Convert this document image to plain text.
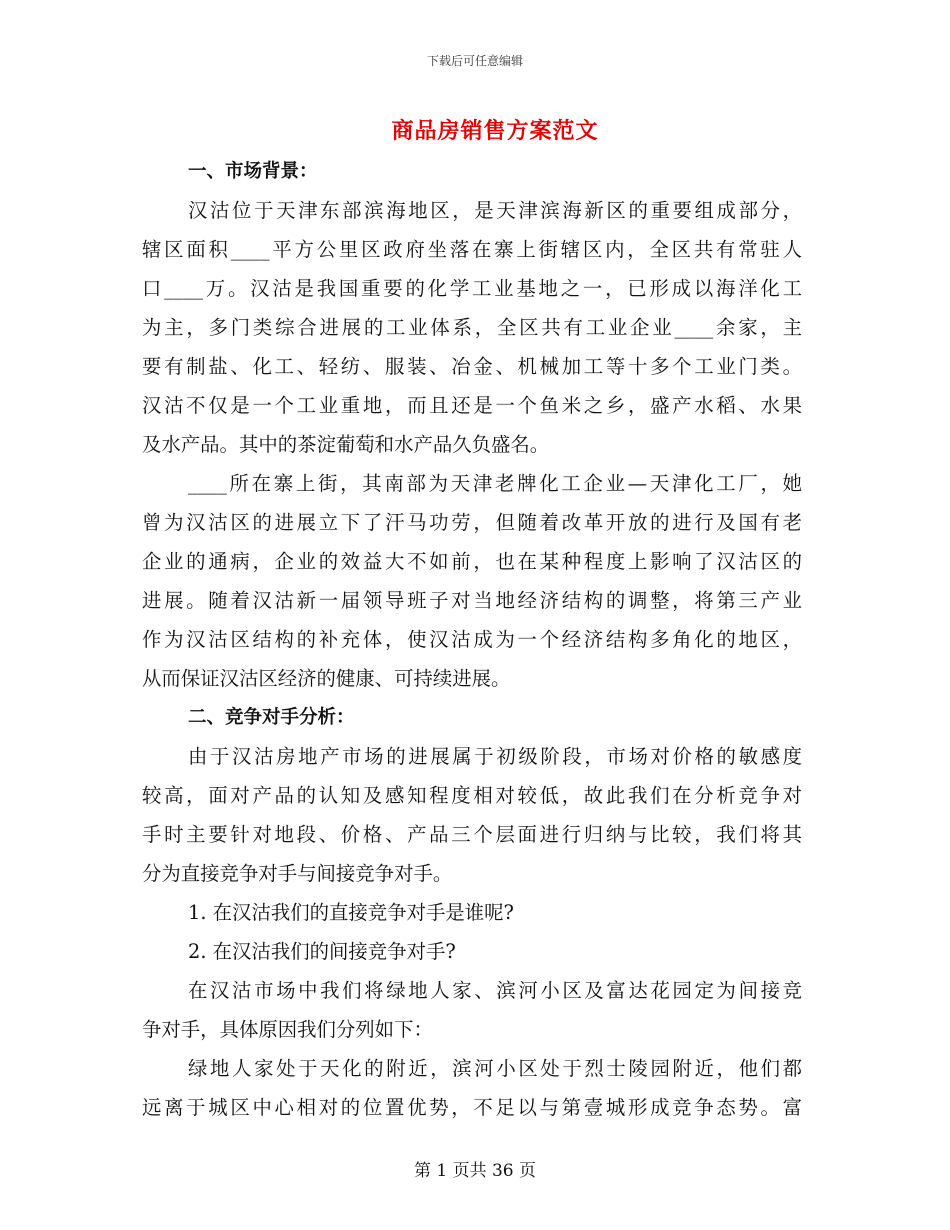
下载后可任意编辑
商品房销售方案范文
一、市场背景：
汉沽位于天津东部滨海地区，是天津滨海新区的重要组成部分，
辖区面积____平方公里区政府坐落在寨上街辖区内，全区共有常驻人
口____万。汉沽是我国重要的化学工业基地之一，已形成以海洋化工
为主，多门类综合进展的工业体系，全区共有工业企业____余家，主
要有制盐、化工、轻纺、服装、冶金、机械加工等十多个工业门类。
汉沽不仅是一个工业重地，而且还是一个鱼米之乡，盛产水稻、水果
及水产品。其中的茶淀葡萄和水产品久负盛名。
____所在寨上街，其南部为天津老牌化工企业—天津化工厂，她
曾为汉沽区的进展立下了汗马功劳，但随着改革开放的进行及国有老
企业的通病，企业的效益大不如前，也在某种程度上影响了汉沽区的
进展。随着汉沽新一届领导班子对当地经济结构的调整，将第三产业
作为汉沽区结构的补充体，使汉沽成为一个经济结构多角化的地区，
从而保证汉沽区经济的健康、可持续进展。
二、竞争对手分析：
由于汉沽房地产市场的进展属于初级阶段，市场对价格的敏感度
较高，面对产品的认知及感知程度相对较低，故此我们在分析竞争对
手时主要针对地段、价格、产品三个层面进行归纳与比较，我们将其
分为直接竞争对手与间接竞争对手。
1. 在汉沽我们的直接竞争对手是谁呢?
2. 在汉沽我们的间接竞争对手?
在汉沽市场中我们将绿地人家、滨河小区及富达花园定为间接竞
争对手，具体原因我们分列如下：
绿地人家处于天化的附近，滨河小区处于烈士陵园附近，他们都
远离于城区中心相对的位置优势，不足以与第壹城形成竞争态势。富
第 1 页共 36 页
